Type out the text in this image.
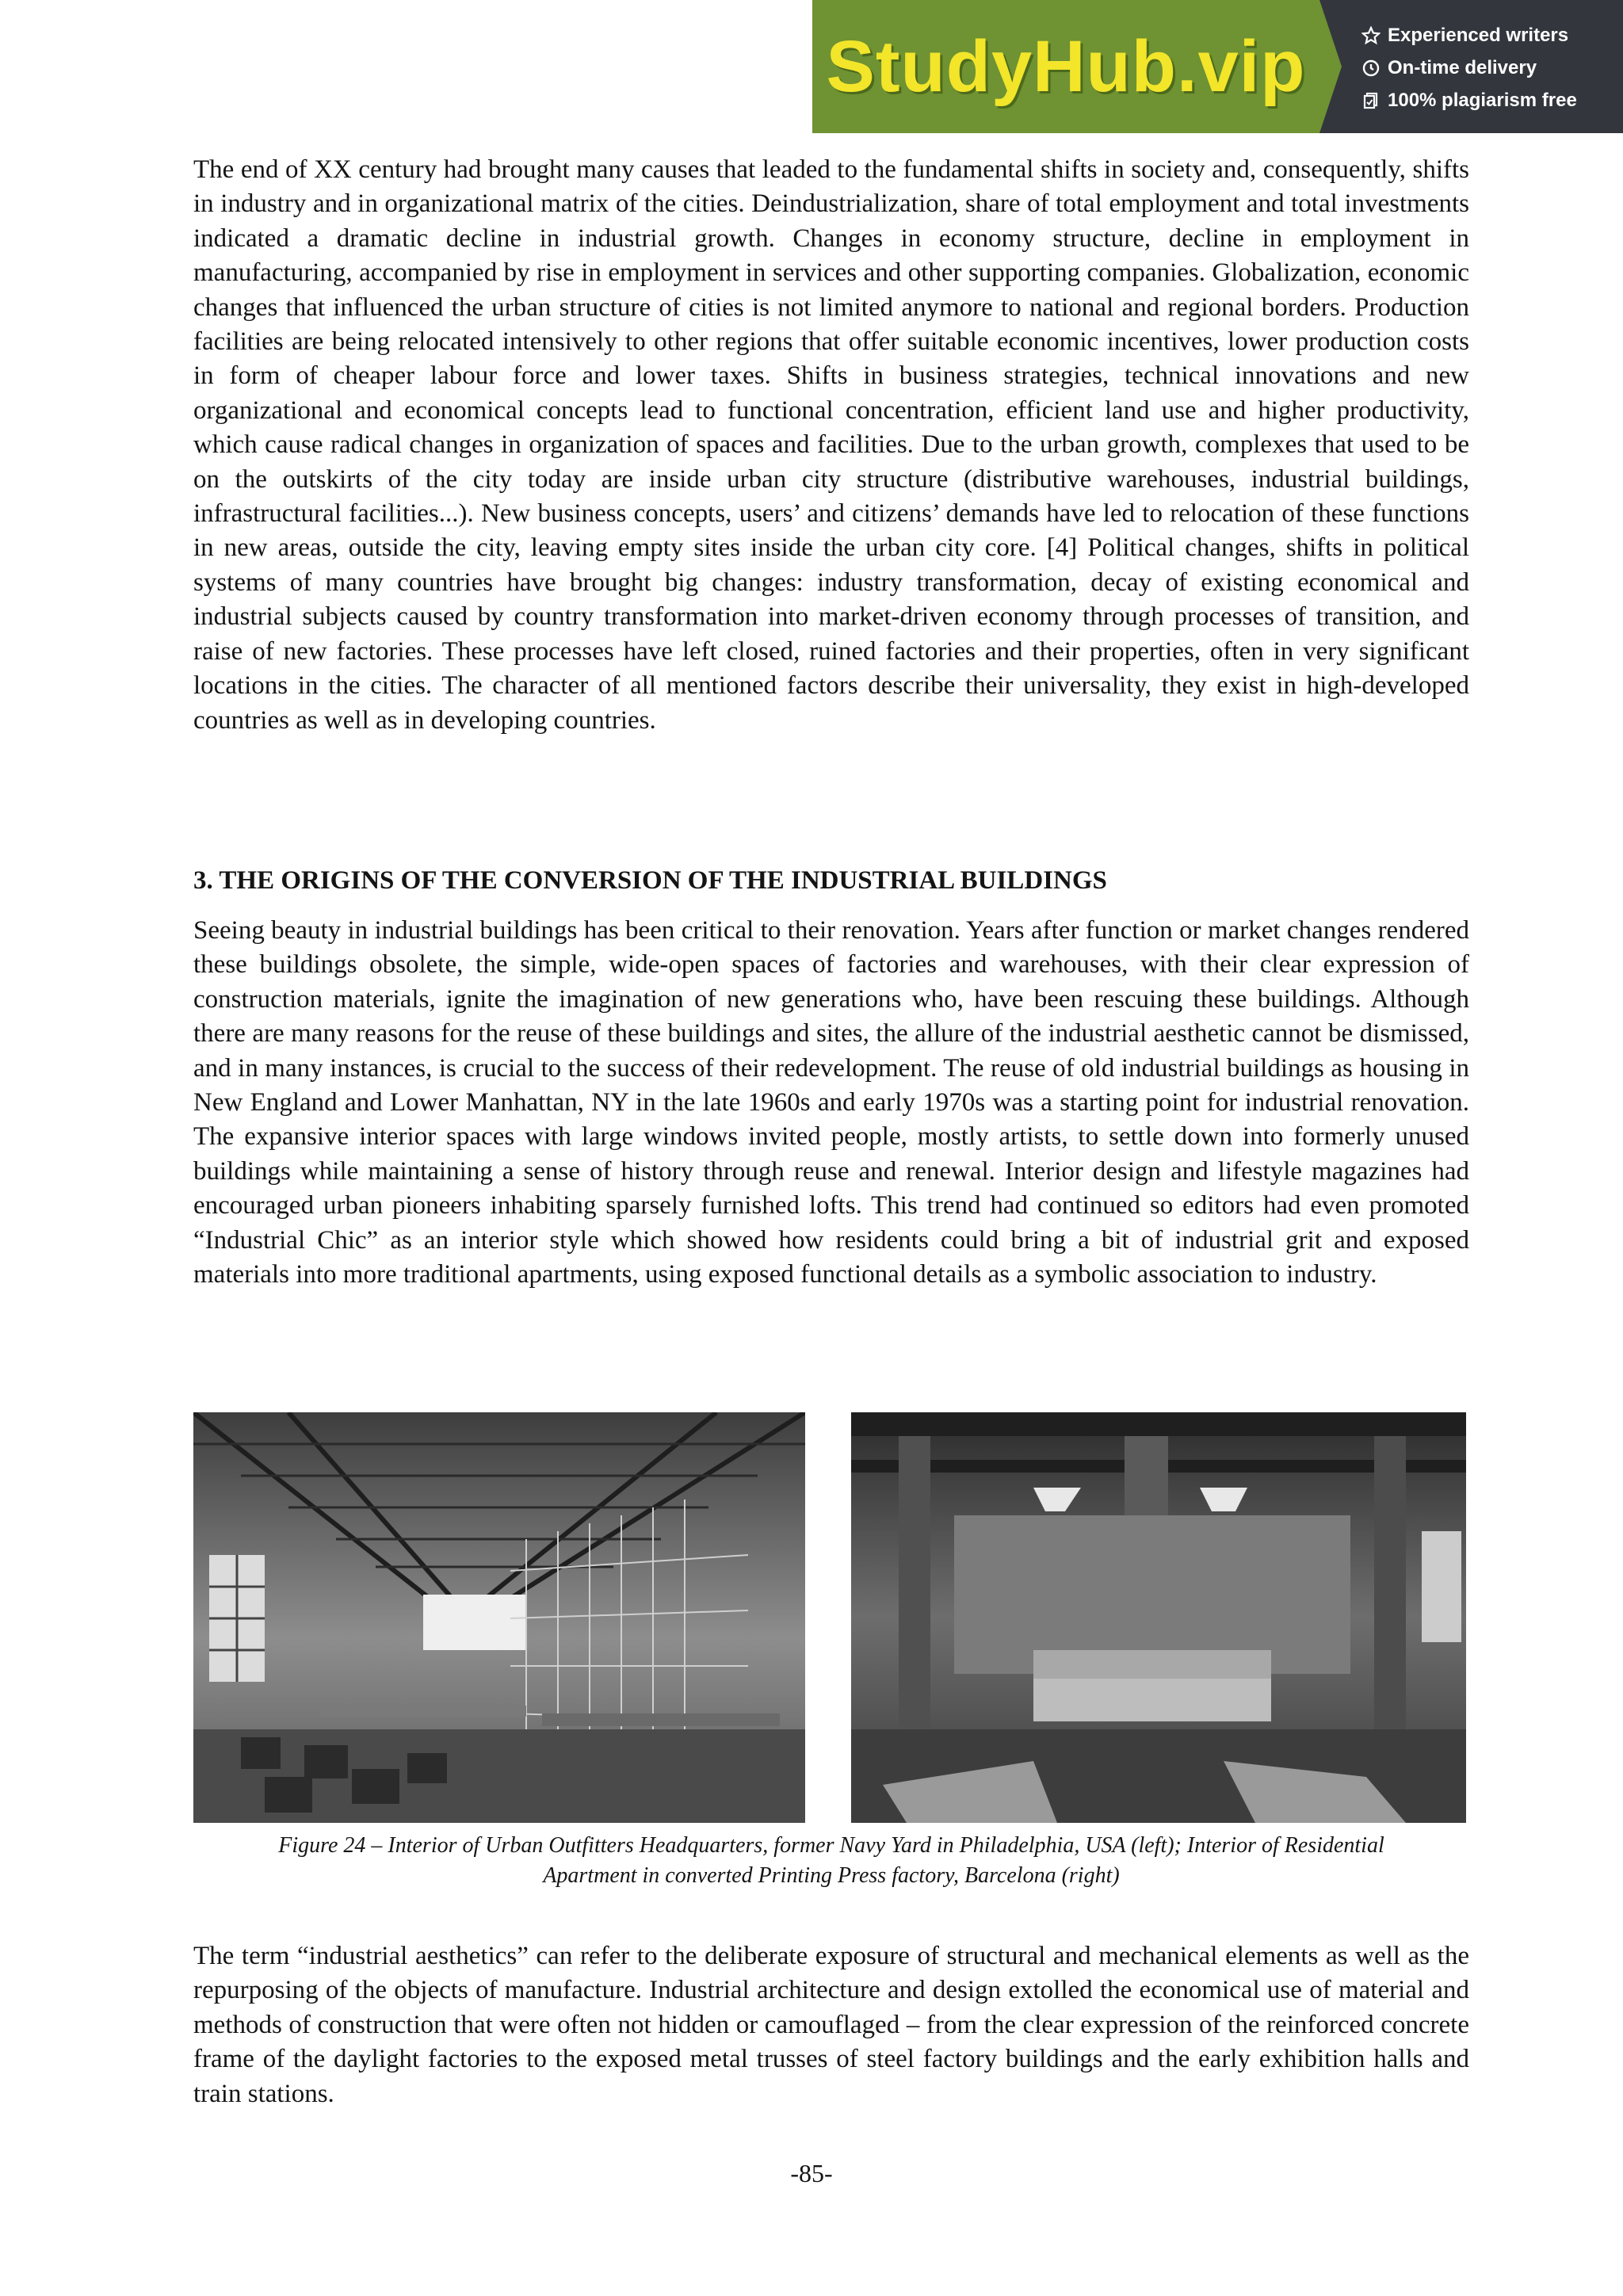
StudyHub.vip	Experienced writers
On-time delivery
100% plagiarism free

The end of XX century had brought many causes that leaded to the fundamental shifts in society and, consequently, shifts in industry and in organizational matrix of the cities. Deindustrialization, share of total employment and total investments indicated a dramatic decline in industrial growth. Changes in economy structure, decline in employment in manufacturing, accompanied by rise in employment in services and other supporting companies. Globalization, economic changes that influenced the urban structure of cities is not limited anymore to national and regional borders. Production facilities are being relocated intensively to other regions that offer suitable economic incentives, lower production costs in form of cheaper labour force and lower taxes. Shifts in business strategies, technical innovations and new organizational and economical concepts lead to functional concentration, efficient land use and higher productivity, which cause radical changes in organization of spaces and facilities. Due to the urban growth, complexes that used to be on the outskirts of the city today are inside urban city structure (distributive warehouses, industrial buildings, infrastructural facilities...). New business concepts, users’ and citizens’ demands have led to relocation of these functions in new areas, outside the city, leaving empty sites inside the urban city core. [4] Political changes, shifts in political systems of many countries have brought big changes: industry transformation, decay of existing economical and industrial subjects caused by country transformation into market-driven economy through processes of transition, and raise of new factories. These processes have left closed, ruined factories and their properties, often in very significant locations in the cities. The character of all mentioned factors describe their universality, they exist in high-developed countries as well as in developing countries.

3. THE ORIGINS OF THE CONVERSION OF THE INDUSTRIAL BUILDINGS

Seeing beauty in industrial buildings has been critical to their renovation. Years after function or market changes rendered these buildings obsolete, the simple, wide-open spaces of factories and warehouses, with their clear expression of construction materials, ignite the imagination of new generations who, have been rescuing these buildings. Although there are many reasons for the reuse of these buildings and sites, the allure of the industrial aesthetic cannot be dismissed, and in many instances, is crucial to the success of their redevelopment. The reuse of old industrial buildings as housing in New England and Lower Manhattan, NY in the late 1960s and early 1970s was a starting point for industrial renovation. The expansive interior spaces with large windows invited people, mostly artists, to settle down into formerly unused buildings while maintaining a sense of history through reuse and renewal. Interior design and lifestyle magazines had encouraged urban pioneers inhabiting sparsely furnished lofts. This trend had continued so editors had even promoted “Industrial Chic” as an interior style which showed how residents could bring a bit of industrial grit and exposed materials into more traditional apartments, using exposed functional details as a symbolic association to industry.

Figure 24 – Interior of Urban Outfitters Headquarters, former Navy Yard in Philadelphia, USA (left); Interior of Residential
Apartment in converted Printing Press factory, Barcelona (right)

The term “industrial aesthetics” can refer to the deliberate exposure of structural and mechanical elements as well as the repurposing of the objects of manufacture. Industrial architecture and design extolled the economical use of material and methods of construction that were often not hidden or camouflaged – from the clear expression of the reinforced concrete frame of the daylight factories to the exposed metal trusses of steel factory buildings and the early exhibition halls and train stations.

-85-
